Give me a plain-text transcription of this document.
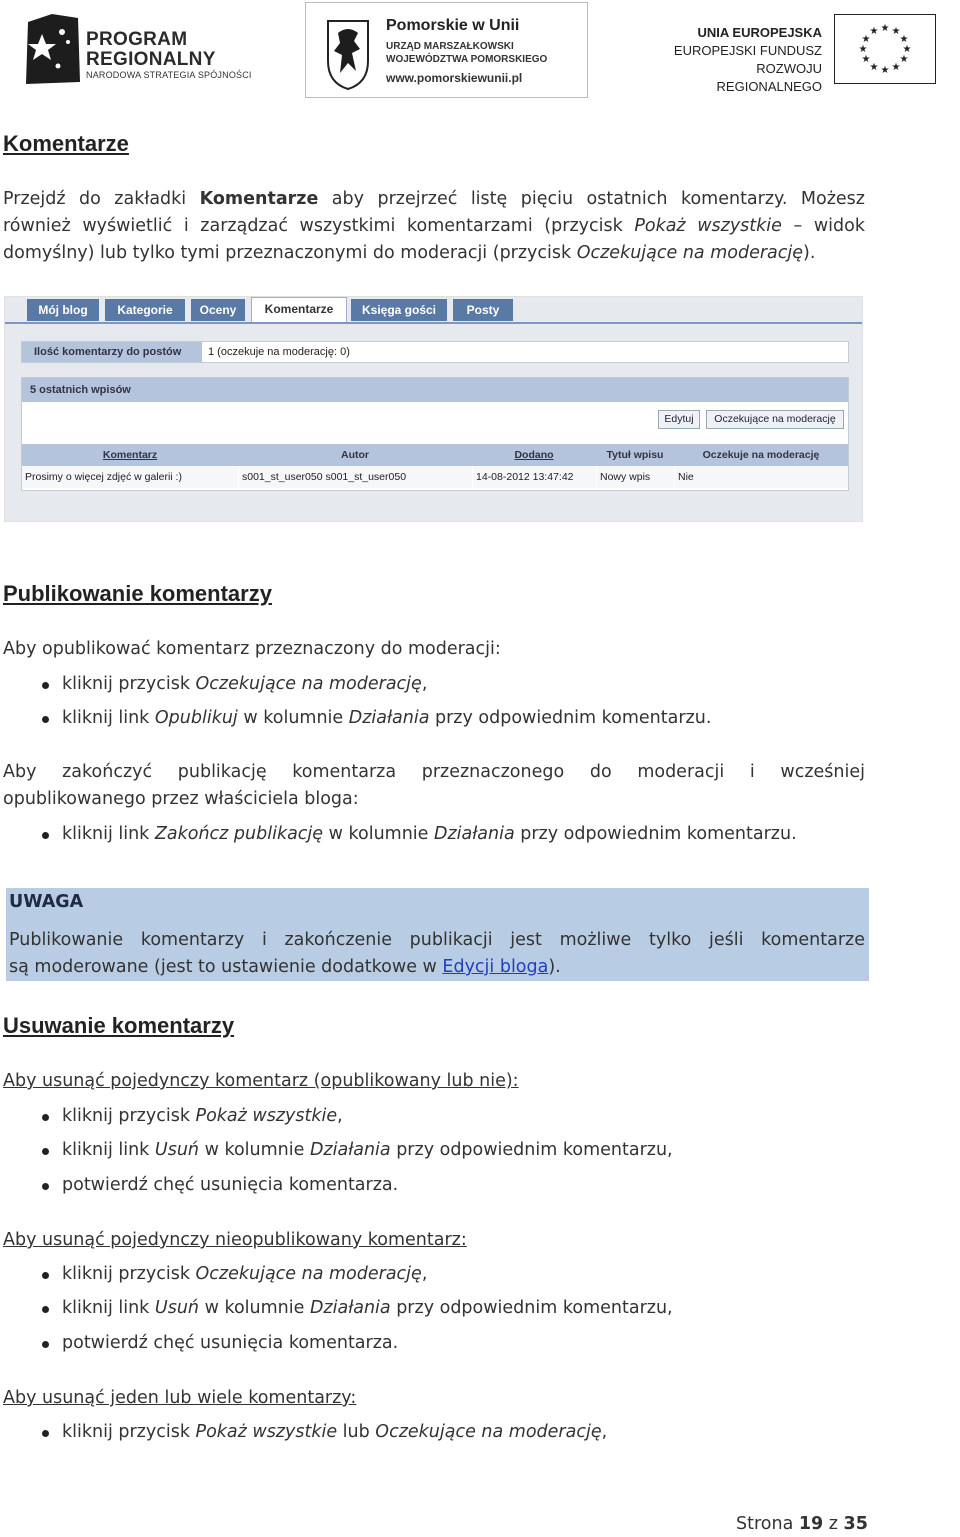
PROGRAM
REGIONALNY
NARODOWA STRATEGIA SPÓJNOŚCI
Pomorskie w Unii
URZĄD MARSZAŁKOWSKI
WOJEWÓDZTWA POMORSKIEGO
www.pomorskiewunii.pl
UNIA EUROPEJSKA
EUROPEJSKI FUNDUSZ
ROZWOJU REGIONALNEGO
★ ★
★
★
★
★
★
★
★
★
★
★
Komentarze
Przejdź do zakładki Komentarze aby przejrzeć listę pięciu ostatnich komentarzy. Możesz
również wyświetlić i zarządzać wszystkimi komentarzami (przycisk Pokaż wszystkie – widok
domyślny) lub tylko tymi przeznaczonymi do moderacji (przycisk Oczekujące na moderację).
Mój blog	Kategorie	Oceny	Komentarze	Księga gości	Posty
Ilość komentarzy do postów	1 (oczekuje na moderację: 0)
5 ostatnich wpisów
Edytuj	Oczekujące na moderację
Komentarz	Autor	Dodano	Tytuł wpisu	Oczekuje na moderację
Prosimy o więcej zdjęć w galerii :)	s001_st_user050 s001_st_user050	14-08-2012 13:47:42	Nowy wpis	Nie
Publikowanie komentarzy
Aby opublikować komentarz przeznaczony do moderacji:
kliknij przycisk Oczekujące na moderację,
kliknij link Opublikuj w kolumnie Działania przy odpowiednim komentarzu.
Aby zakończyć publikację komentarza przeznaczonego do moderacji i wcześniej
opublikowanego przez właściciela bloga:
kliknij link Zakończ publikację w kolumnie Działania przy odpowiednim komentarzu.
UWAGA
Publikowanie komentarzy i zakończenie publikacji jest możliwe tylko jeśli komentarze
są moderowane (jest to ustawienie dodatkowe w Edycji bloga).
Usuwanie komentarzy
Aby usunąć pojedynczy komentarz (opublikowany lub nie):
kliknij przycisk Pokaż wszystkie,
kliknij link Usuń w kolumnie Działania przy odpowiednim komentarzu,
potwierdź chęć usunięcia komentarza.
Aby usunąć pojedynczy nieopublikowany komentarz:
kliknij przycisk Oczekujące na moderację,
kliknij link Usuń w kolumnie Działania przy odpowiednim komentarzu,
potwierdź chęć usunięcia komentarza.
Aby usunąć jeden lub wiele komentarzy:
kliknij przycisk Pokaż wszystkie lub Oczekujące na moderację,
Strona 19 z 35
